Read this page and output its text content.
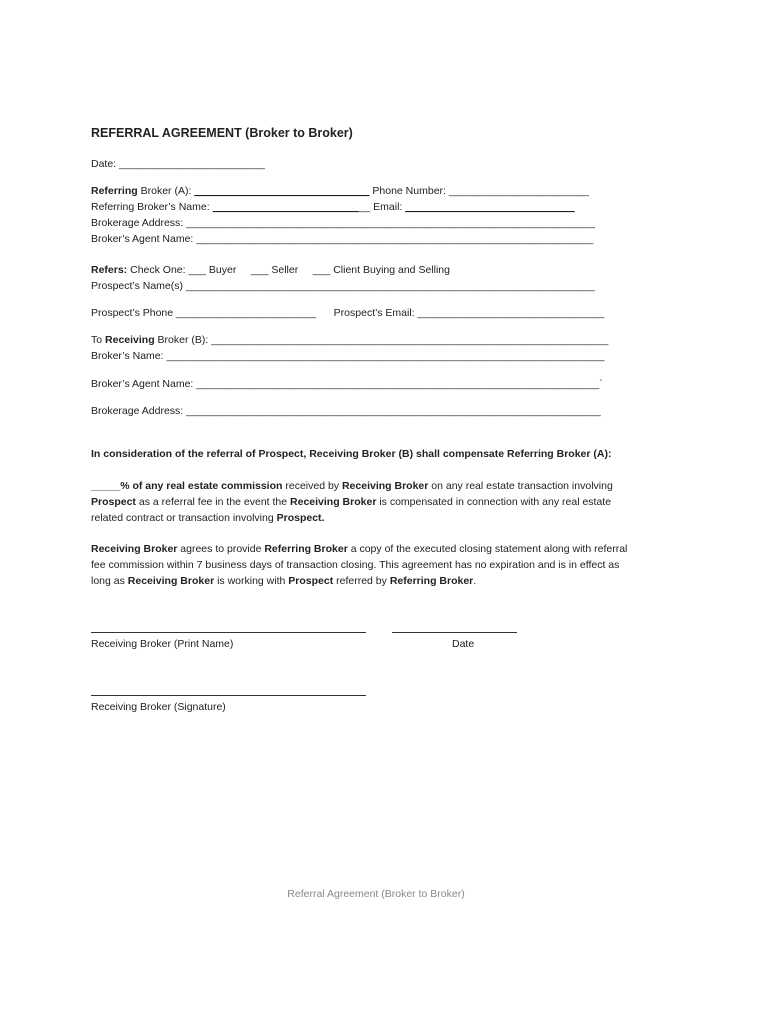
REFERRAL AGREEMENT (Broker to Broker)
Date: _________________________
Referring Broker (A): ______________________________ Phone Number: ________________________
Referring Broker’s Name: ___________________________ Email: _____________________________
Brokerage Address: ______________________________________________________________________
Broker’s Agent Name: ____________________________________________________________________
Refers: Check One: ___ Buyer     ___ Seller     ___ Client Buying and Selling
Prospect’s Name(s) ______________________________________________________________________
Prospect’s Phone ________________________      Prospect’s Email: ________________________________
To Receiving Broker (B): ____________________________________________________________________
Broker’s Name: ___________________________________________________________________________
Broker’s Agent Name: _____________________________________________________________________`
Brokerage Address: _______________________________________________________________________
In consideration of the referral of Prospect, Receiving Broker (B) shall compensate Referring Broker (A):
_____% of any real estate commission received by Receiving Broker on any real estate transaction involving
Prospect as a referral fee in the event the Receiving Broker is compensated in connection with any real estate
related contract or transaction involving Prospect.
Receiving Broker agrees to provide Referring Broker a copy of the executed closing statement along with referral
fee commission within 7 business days of transaction closing. This agreement has no expiration and is in effect as
long as Receiving Broker is working with Prospect referred by Referring Broker.
Receiving Broker (Print Name)	Date
Receiving Broker (Signature)
Referral Agreement (Broker to Broker)
